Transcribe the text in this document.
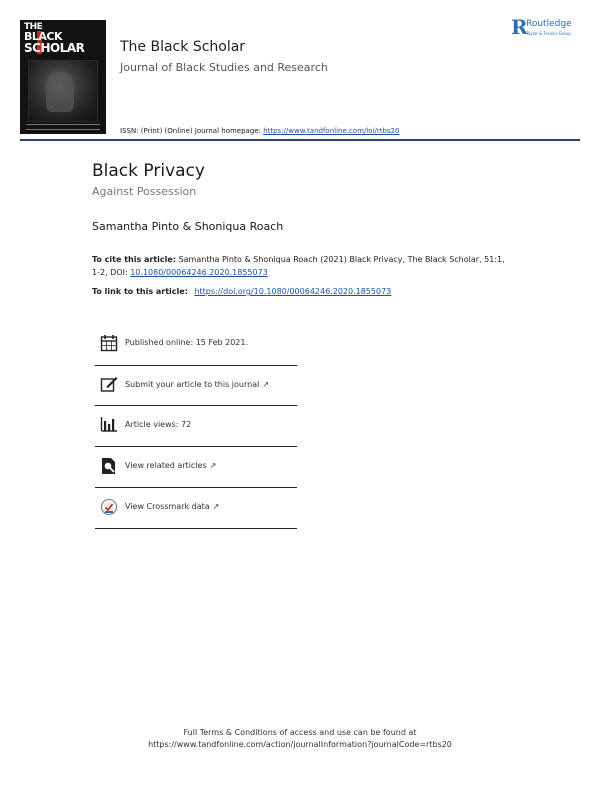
THE
BLACK
SCHOLAR	The Black Scholar
Journal of Black Studies and Research
ISSN: (Print) (Online) Journal homepage: https://www.tandfonline.com/loi/rtbs20
R
Routledge
Taylor & Francis Group
Black Privacy
Against Possession
Samantha Pinto & Shoniqua Roach
To cite this article: Samantha Pinto & Shoniqua Roach (2021) Black Privacy, The Black Scholar, 51:1, 1-2, DOI: 10.1080/00064246.2020.1855073
To link to this article: https://doi.org/10.1080/00064246.2020.1855073
Published online: 15 Feb 2021.
Submit your article to this journal ↗
Article views: 72
View related articles ↗
View Crossmark data ↗
Full Terms & Conditions of access and use can be found at
https://www.tandfonline.com/action/journalInformation?journalCode=rtbs20
